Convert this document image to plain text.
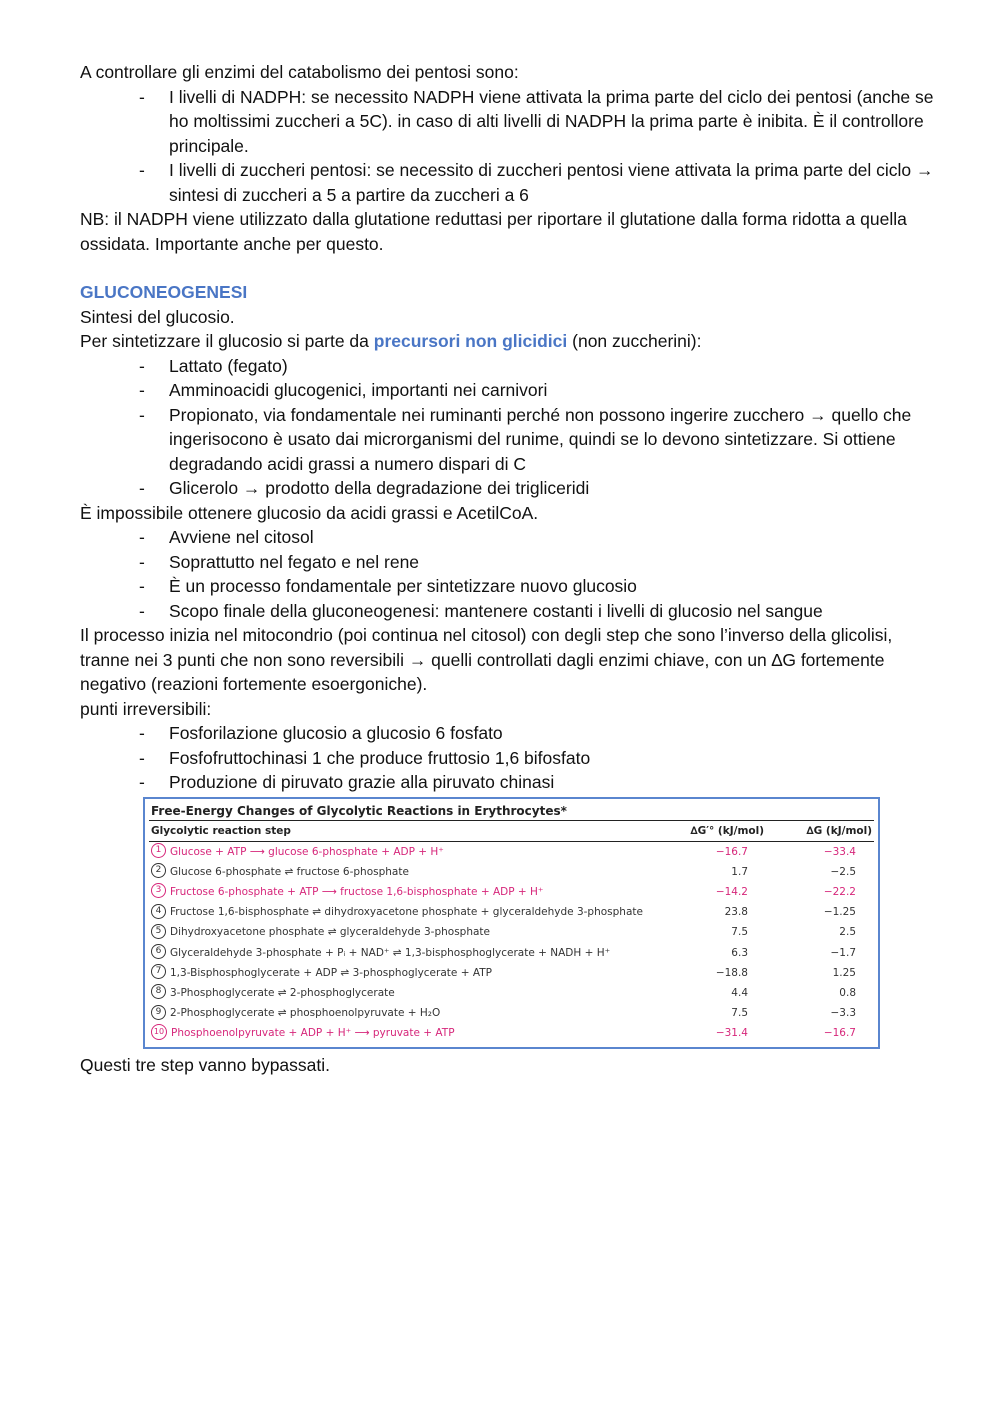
A controllare gli enzimi del catabolismo dei pentosi sono:

- I livelli di NADPH: se necessito NADPH viene attivata la prima parte del ciclo dei pentosi (anche se ho moltissimi zuccheri a 5C). in caso di alti livelli di NADPH la prima parte è inibita. È il controllore principale.
- I livelli di zuccheri pentosi: se necessito di zuccheri pentosi viene attivata la prima parte del ciclo → sintesi di zuccheri a 5 a partire da zuccheri a 6

NB: il NADPH viene utilizzato dalla glutatione reduttasi per riportare il glutatione dalla forma ridotta a quella ossidata. Importante anche per questo.

GLUCONEOGENESI

Sintesi del glucosio.

Per sintetizzare il glucosio si parte da precursori non glicidici (non zuccherini):

- Lattato (fegato)
- Amminoacidi glucogenici, importanti nei carnivori
- Propionato, via fondamentale nei ruminanti perché non possono ingerire zucchero → quello che ingerisocono è usato dai microrganismi del runime, quindi se lo devono sintetizzare. Si ottiene degradando acidi grassi a numero dispari di C
- Glicerolo → prodotto della degradazione dei trigliceridi

È impossibile ottenere glucosio da acidi grassi e AcetilCoA.

- Avviene nel citosol
- Soprattutto nel fegato e nel rene
- È un processo fondamentale per sintetizzare nuovo glucosio
- Scopo finale della gluconeogenesi: mantenere costanti i livelli di glucosio nel sangue

Il processo inizia nel mitocondrio (poi continua nel citosol) con degli step che sono l’inverso della glicolisi, tranne nei 3 punti che non sono reversibili → quelli controllati dagli enzimi chiave, con un ∆G fortemente negativo (reazioni fortemente esoergoniche).

punti irreversibili:

- Fosforilazione glucosio a glucosio 6 fosfato
- Fosfofruttochinasi 1 che produce fruttosio 1,6 bifosfato
- Produzione di piruvato grazie alla piruvato chinasi
Free-Energy Changes of Glycolytic Reactions in Erythrocytes*
Glycolytic reaction step	∆G′° (kJ/mol)	∆G (kJ/mol)
1 Glucose + ATP ⟶ glucose 6-phosphate + ADP + H⁺	−16.7	−33.4
2 Glucose 6-phosphate ⇌ fructose 6-phosphate	1.7	−2.5
3 Fructose 6-phosphate + ATP ⟶ fructose 1,6-bisphosphate + ADP + H⁺	−14.2	−22.2
4 Fructose 1,6-bisphosphate ⇌ dihydroxyacetone phosphate + glyceraldehyde 3-phosphate	23.8	−1.25
5 Dihydroxyacetone phosphate ⇌ glyceraldehyde 3-phosphate	7.5	2.5
6 Glyceraldehyde 3-phosphate + Pᵢ + NAD⁺ ⇌ 1,3-bisphosphoglycerate + NADH + H⁺	6.3	−1.7
7 1,3-Bisphosphoglycerate + ADP ⇌ 3-phosphoglycerate + ATP	−18.8	1.25
8 3-Phosphoglycerate ⇌ 2-phosphoglycerate	4.4	0.8
9 2-Phosphoglycerate ⇌ phosphoenolpyruvate + H₂O	7.5	−3.3
10 Phosphoenolpyruvate + ADP + H⁺ ⟶ pyruvate + ATP	−31.4	−16.7

Questi tre step vanno bypassati.
